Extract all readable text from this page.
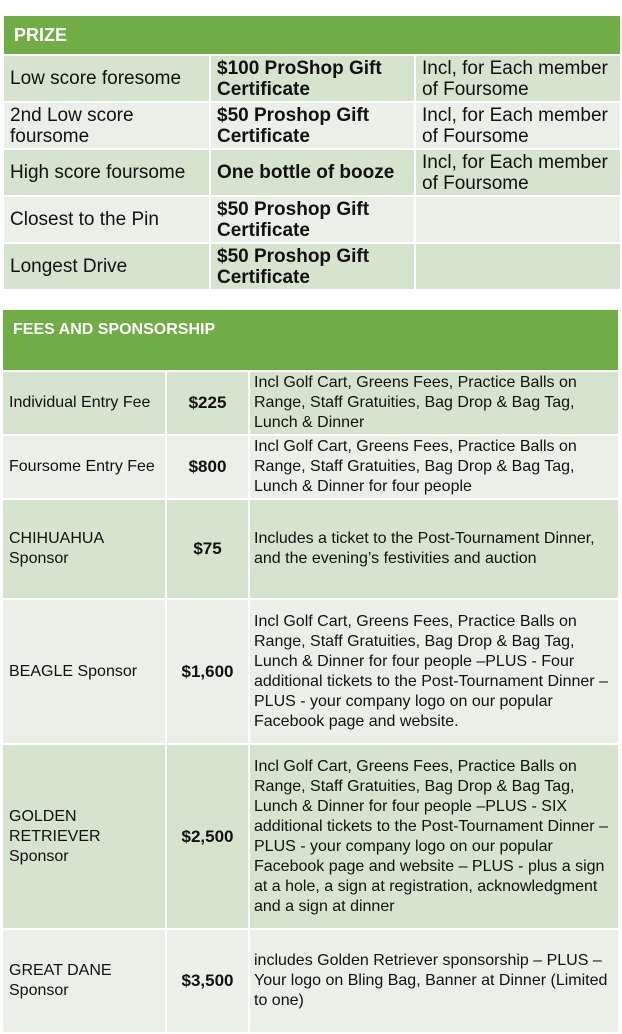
PRIZE		
Low score foresome	$100 ProShop Gift Certificate	Incl, for Each member of Foursome
2nd Low score foursome	$50 Proshop Gift Certificate	Incl, for Each member of Foursome
High score foursome	One bottle of booze	Incl, for Each member of Foursome
Closest to the Pin	$50 Proshop Gift Certificate	
Longest Drive	$50 Proshop Gift Certificate	
FEES AND SPONSORSHIP		
Individual Entry Fee	$225	Incl Golf Cart, Greens Fees, Practice Balls on Range, Staff Gratuities, Bag Drop & Bag Tag, Lunch & Dinner
Foursome Entry Fee	$800	Incl Golf Cart, Greens Fees, Practice Balls on Range, Staff Gratuities, Bag Drop & Bag Tag, Lunch & Dinner for four people
CHIHUAHUA Sponsor	$75	Includes a ticket to the Post-Tournament Dinner, and the evening’s festivities and auction
BEAGLE Sponsor	$1,600	Incl Golf Cart, Greens Fees, Practice Balls on Range, Staff Gratuities, Bag Drop & Bag Tag, Lunch & Dinner for four people –PLUS - Four additional tickets to the Post-Tournament Dinner – PLUS - your company logo on our popular Facebook page and website.
GOLDEN RETRIEVER Sponsor	$2,500	Incl Golf Cart, Greens Fees, Practice Balls on Range, Staff Gratuities, Bag Drop & Bag Tag, Lunch & Dinner for four people –PLUS - SIX additional tickets to the Post-Tournament Dinner – PLUS - your company logo on our popular Facebook page and website – PLUS - plus a sign at a hole, a sign at registration, acknowledgment and a sign at dinner
GREAT DANE Sponsor	$3,500	includes Golden Retriever sponsorship – PLUS – Your logo on Bling Bag, Banner at Dinner (Limited to one)
